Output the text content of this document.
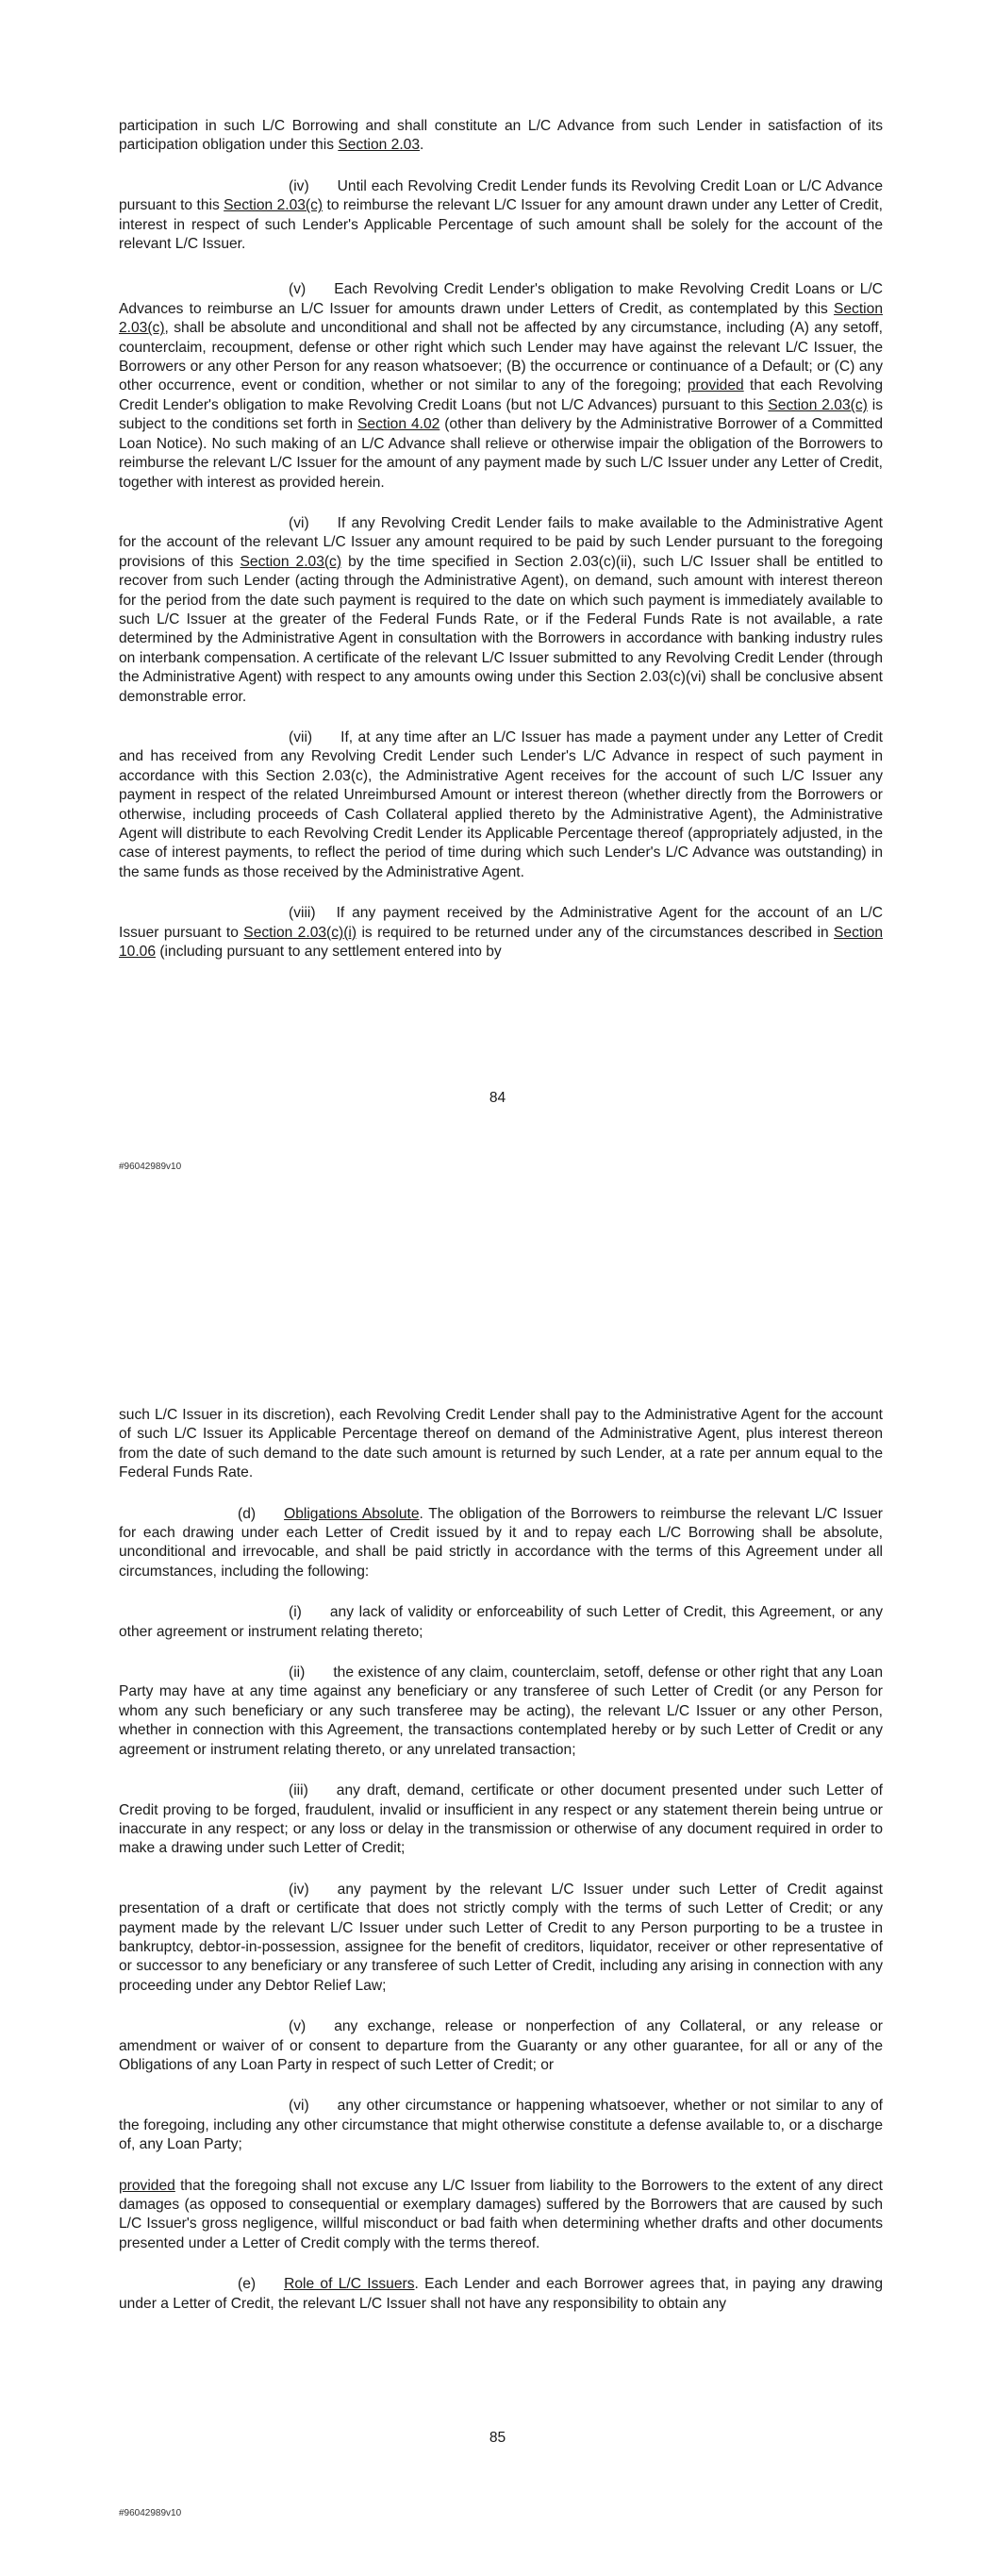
participation in such L/C Borrowing and shall constitute an L/C Advance from such Lender in satisfaction of its participation obligation under this Section 2.03.

(iv) Until each Revolving Credit Lender funds its Revolving Credit Loan or L/C Advance pursuant to this Section 2.03(c) to reimburse the relevant L/C Issuer for any amount drawn under any Letter of Credit, interest in respect of such Lender's Applicable Percentage of such amount shall be solely for the account of the relevant L/C Issuer.

(v) Each Revolving Credit Lender's obligation to make Revolving Credit Loans or L/C Advances to reimburse an L/C Issuer for amounts drawn under Letters of Credit, as contemplated by this Section 2.03(c), shall be absolute and unconditional and shall not be affected by any circumstance, including (A) any setoff, counterclaim, recoupment, defense or other right which such Lender may have against the relevant L/C Issuer, the Borrowers or any other Person for any reason whatsoever; (B) the occurrence or continuance of a Default; or (C) any other occurrence, event or condition, whether or not similar to any of the foregoing; provided that each Revolving Credit Lender's obligation to make Revolving Credit Loans (but not L/C Advances) pursuant to this Section 2.03(c) is subject to the conditions set forth in Section 4.02 (other than delivery by the Administrative Borrower of a Committed Loan Notice). No such making of an L/C Advance shall relieve or otherwise impair the obligation of the Borrowers to reimburse the relevant L/C Issuer for the amount of any payment made by such L/C Issuer under any Letter of Credit, together with interest as provided herein.

(vi) If any Revolving Credit Lender fails to make available to the Administrative Agent for the account of the relevant L/C Issuer any amount required to be paid by such Lender pursuant to the foregoing provisions of this Section 2.03(c) by the time specified in Section 2.03(c)(ii), such L/C Issuer shall be entitled to recover from such Lender (acting through the Administrative Agent), on demand, such amount with interest thereon for the period from the date such payment is required to the date on which such payment is immediately available to such L/C Issuer at the greater of the Federal Funds Rate, or if the Federal Funds Rate is not available, a rate determined by the Administrative Agent in consultation with the Borrowers in accordance with banking industry rules on interbank compensation. A certificate of the relevant L/C Issuer submitted to any Revolving Credit Lender (through the Administrative Agent) with respect to any amounts owing under this Section 2.03(c)(vi) shall be conclusive absent demonstrable error.

(vii) If, at any time after an L/C Issuer has made a payment under any Letter of Credit and has received from any Revolving Credit Lender such Lender's L/C Advance in respect of such payment in accordance with this Section 2.03(c), the Administrative Agent receives for the account of such L/C Issuer any payment in respect of the related Unreimbursed Amount or interest thereon (whether directly from the Borrowers or otherwise, including proceeds of Cash Collateral applied thereto by the Administrative Agent), the Administrative Agent will distribute to each Revolving Credit Lender its Applicable Percentage thereof (appropriately adjusted, in the case of interest payments, to reflect the period of time during which such Lender's L/C Advance was outstanding) in the same funds as those received by the Administrative Agent.

(viii) If any payment received by the Administrative Agent for the account of an L/C Issuer pursuant to Section 2.03(c)(i) is required to be returned under any of the circumstances described in Section 10.06 (including pursuant to any settlement entered into by

84
#96042989v10

such L/C Issuer in its discretion), each Revolving Credit Lender shall pay to the Administrative Agent for the account of such L/C Issuer its Applicable Percentage thereof on demand of the Administrative Agent, plus interest thereon from the date of such demand to the date such amount is returned by such Lender, at a rate per annum equal to the Federal Funds Rate.

(d) Obligations Absolute. The obligation of the Borrowers to reimburse the relevant L/C Issuer for each drawing under each Letter of Credit issued by it and to repay each L/C Borrowing shall be absolute, unconditional and irrevocable, and shall be paid strictly in accordance with the terms of this Agreement under all circumstances, including the following:

(i) any lack of validity or enforceability of such Letter of Credit, this Agreement, or any other agreement or instrument relating thereto;

(ii) the existence of any claim, counterclaim, setoff, defense or other right that any Loan Party may have at any time against any beneficiary or any transferee of such Letter of Credit (or any Person for whom any such beneficiary or any such transferee may be acting), the relevant L/C Issuer or any other Person, whether in connection with this Agreement, the transactions contemplated hereby or by such Letter of Credit or any agreement or instrument relating thereto, or any unrelated transaction;

(iii) any draft, demand, certificate or other document presented under such Letter of Credit proving to be forged, fraudulent, invalid or insufficient in any respect or any statement therein being untrue or inaccurate in any respect; or any loss or delay in the transmission or otherwise of any document required in order to make a drawing under such Letter of Credit;

(iv) any payment by the relevant L/C Issuer under such Letter of Credit against presentation of a draft or certificate that does not strictly comply with the terms of such Letter of Credit; or any payment made by the relevant L/C Issuer under such Letter of Credit to any Person purporting to be a trustee in bankruptcy, debtor-in-possession, assignee for the benefit of creditors, liquidator, receiver or other representative of or successor to any beneficiary or any transferee of such Letter of Credit, including any arising in connection with any proceeding under any Debtor Relief Law;

(v) any exchange, release or nonperfection of any Collateral, or any release or amendment or waiver of or consent to departure from the Guaranty or any other guarantee, for all or any of the Obligations of any Loan Party in respect of such Letter of Credit; or

(vi) any other circumstance or happening whatsoever, whether or not similar to any of the foregoing, including any other circumstance that might otherwise constitute a defense available to, or a discharge of, any Loan Party;

provided that the foregoing shall not excuse any L/C Issuer from liability to the Borrowers to the extent of any direct damages (as opposed to consequential or exemplary damages) suffered by the Borrowers that are caused by such L/C Issuer's gross negligence, willful misconduct or bad faith when determining whether drafts and other documents presented under a Letter of Credit comply with the terms thereof.

(e) Role of L/C Issuers. Each Lender and each Borrower agrees that, in paying any drawing under a Letter of Credit, the relevant L/C Issuer shall not have any responsibility to obtain any

85
#96042989v10
